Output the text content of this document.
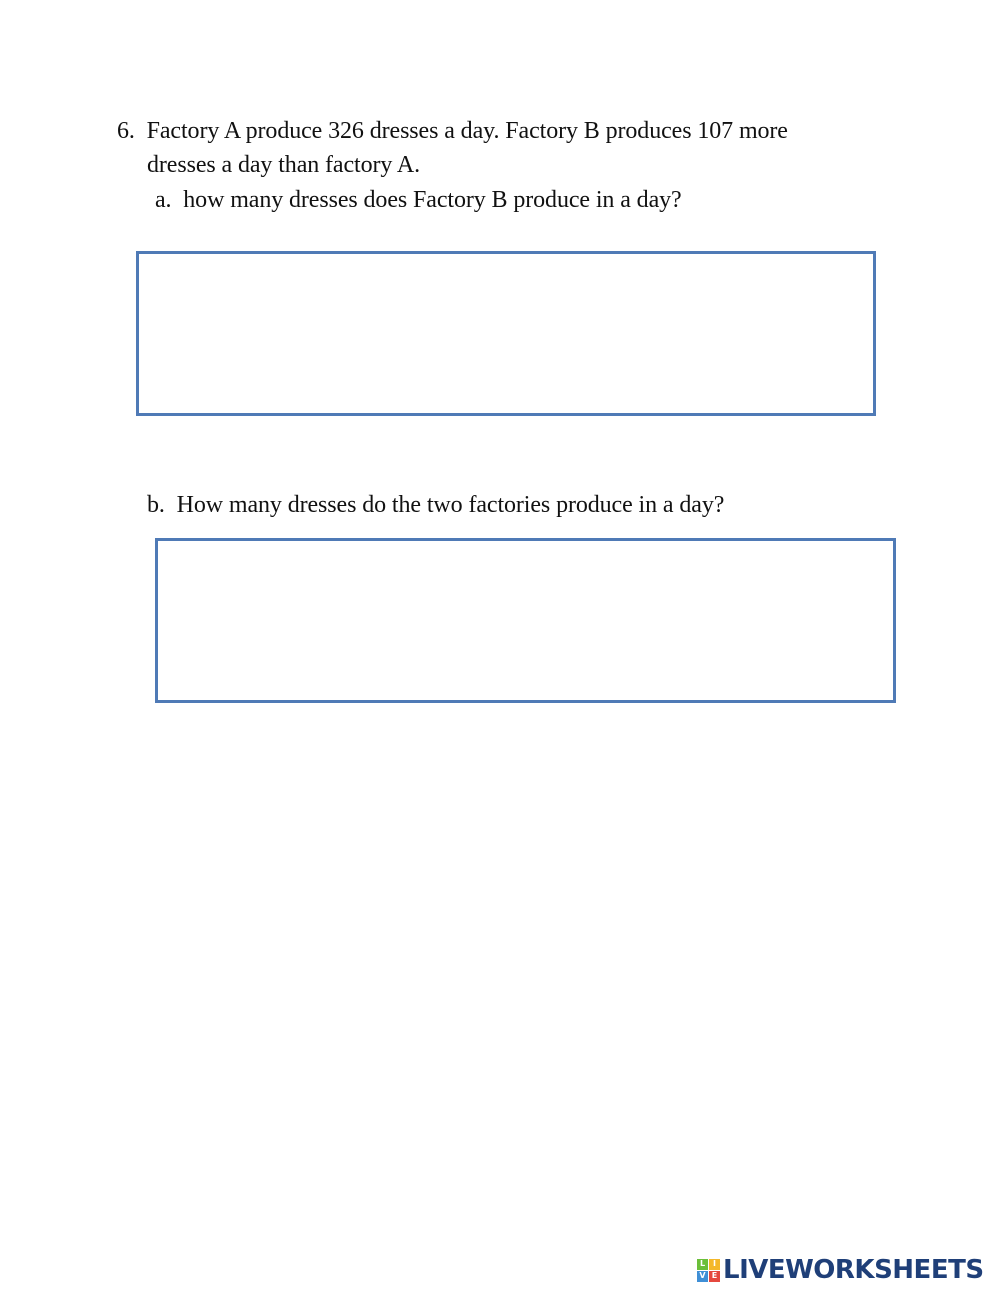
6. Factory A produce 326 dresses a day. Factory B produces 107 more
dresses a day than factory A.
a. how many dresses does Factory B produce in a day?
b. How many dresses do the two factories produce in a day?
L I
V E LIVEWORKSHEETS
